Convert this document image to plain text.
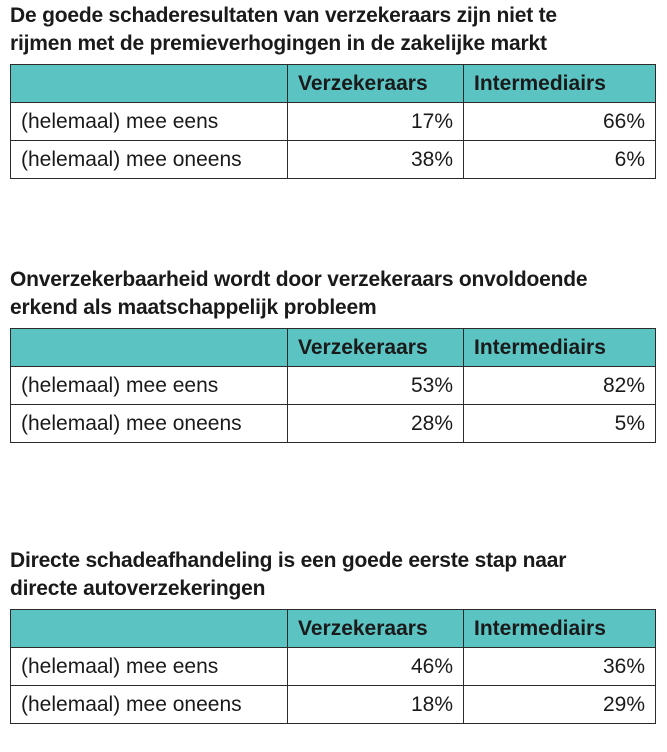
De goede schaderesultaten van verzekeraars zijn niet te
rijmen met de premieverhogingen in de zakelijke markt
	Verzekeraars	Intermediairs
(helemaal) mee eens	17%	66%
(helemaal) mee oneens	38%	6%
Onverzekerbaarheid wordt door verzekeraars onvoldoende
erkend als maatschappelijk probleem
	Verzekeraars	Intermediairs
(helemaal) mee eens	53%	82%
(helemaal) mee oneens	28%	5%
Directe schadeafhandeling is een goede eerste stap naar
directe autoverzekeringen
	Verzekeraars	Intermediairs
(helemaal) mee eens	46%	36%
(helemaal) mee oneens	18%	29%
